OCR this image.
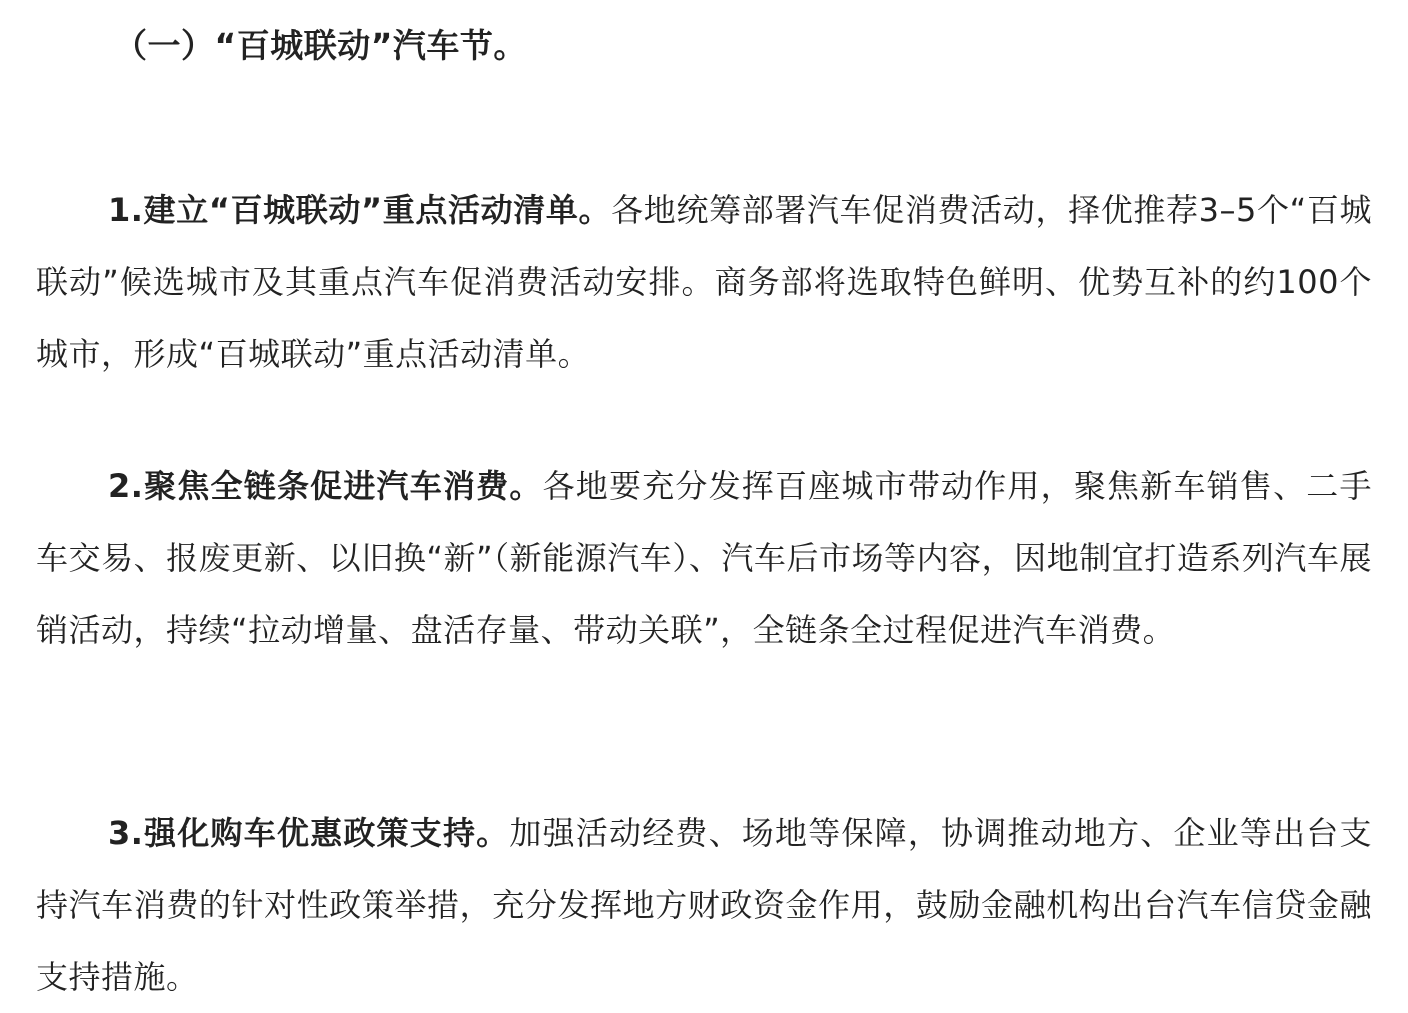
（一）“百城联动”汽车节。

1.建立“百城联动”重点活动清单。各地统筹部署汽车促消费活动，择优推荐3–5个“百城联动”候选城市及其重点汽车促消费活动安排。商务部将选取特色鲜明、优势互补的约100个城市，形成“百城联动”重点活动清单。

2.聚焦全链条促进汽车消费。各地要充分发挥百座城市带动作用，聚焦新车销售、二手车交易、报废更新、以旧换“新”（新能源汽车）、汽车后市场等内容，因地制宜打造系列汽车展销活动，持续“拉动增量、盘活存量、带动关联”，全链条全过程促进汽车消费。

3.强化购车优惠政策支持。加强活动经费、场地等保障，协调推动地方、企业等出台支持汽车消费的针对性政策举措，充分发挥地方财政资金作用，鼓励金融机构出台汽车信贷金融支持措施。
